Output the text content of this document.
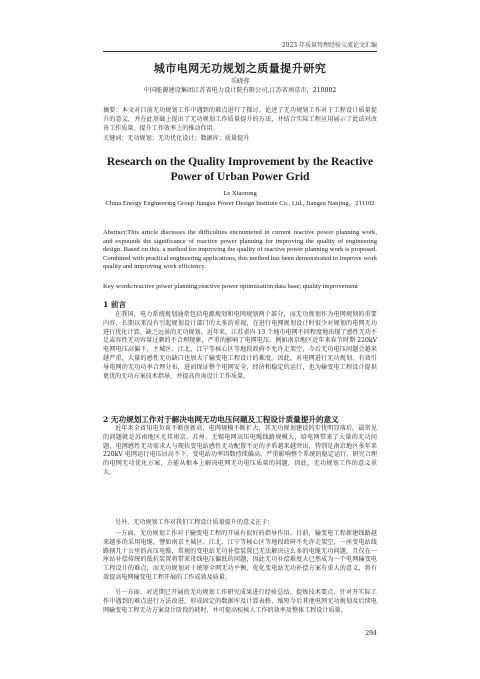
2023 年质量管理经验交流论文汇编
城市电网无功规划之质量提升研究
乐晓蓉
中国能源建设集团江苏省电力设计院有限公司,江苏省南京市，210002
摘要：本文对目前无功规划工作中遇到的难点进行了探讨，论述了无功规划工作对于工程设计质量提升的意义，并在此基础上提出了无功规划工作质量提升的方法，并结合实际工程应用展示了此法对改善工作质量、提升工作效率上的推动作用。
关键词：无功规划；无功优化设计；数据库；质量提升
Research on the Quality Improvement by the Reactive Power of Urban Power Grid
Le Xiaorong
China Energy Engineering Group Jiangsu Power Design Institute Co., Ltd., Jiangsu Nanjing，211102
Abstract:This article discusses the difficulties encountered in current reactive power planning work, and expounds the significance of reactive power planning for improving the quality of engineering design. Based on this, a method for improving the quality of reactive power planning work is proposed. Combined with practical engineering applications, this method has been demonstrated to improve work quality and improving work efficiency.
Key words:reactive power planning;reactive power optimization;data base; quality improvement
1 前言
在我国，电力系统规划通常包括电源规划和电网规划两个部分，而无功规划作为电网规划的重要内容，长期以来没有引起规划设计部门的太多的重视，在进行电网规划设计时很少对规划的电网无功进行优化计算、缺乏远景的无功规划。近年来，江苏省内 13 个地市电网不同程度地出现了感性无功不足或容性无功容量过剩的不合理现象，严重的影响了电网电压。例如南京地区近年来春节时期 220kV 电网电压高偏下，主城区、江北、江宁等核心区等地段政府不允许走架空，今后无功电压问题会越来越严重，大量的感性无功缺口也加大了输变电工程设计的难度。因此，对电网进行无功规划，有效引导电网的无功功率合理分布，进而保证整个电网安全、经济和稳定的运行，也为输变电工程设计提供更优的无功方案技术指导，并提高咨询设计工作质量。
2 无功规划工作对于解决电网无功电压问题及工程设计质量提升的意义
近年来全省用电负荷不断创新高，电网规模不断扩大，其无功规划建设的步伐明显落后。最常见的问题就是苏南地区尤其南京、苏州、无锡电网高压电缆线路规模大，给电网带来了大量的无功问题，电网感性无功需求大与现状变电站感性无功配置不足的矛盾越来越突出，特别是南京地区多年来 220kV 电网运行电压居高不下，变电站功率因数持续偏高，严重影响整个系统的稳定运行，研究合理的电网无功优化方案，方能从根本上解决电网无功电压质量的问题，因此，无功规划工作的意义重大。
另外，无功规划工作对我们工程设计质量提升的意义在于：
一方面，无功规划工作对于输变电工程的开展有很好的指导作用。目前，输变电工程新建线路越来越多的采用电缆，譬如南京主城区、江北、江宁等核心区等地段政府不允许走架空，一座变电站线路辖几十公里的高压电缆，常规的变电站无功补偿装置已无法解决这么多的电缆无功问题，且仅在一座站补偿传统的低抗装置将带来母线电压偏低的问题，因此无功补偿难度大已然成为一个电网输变电工程设计的难点，而无功规划对于统筹全网无功平衡，优化变电站无功补偿方案有重大的意义，将有效提高电网输变电工程开展的工作成效及质量。
另一方面，对近期已开展的无功规划工作研究成果进行经验总结，提炼技术要点，针对开实际工作中遇到的难点进行方法改进，形成固定的数据库及计算表格，缩短今后其他电网无功规划及后续电网输变电工程无功方案设计阶段的耗时，并可提高校核人工作的效率及整体工程设计质量。
294
